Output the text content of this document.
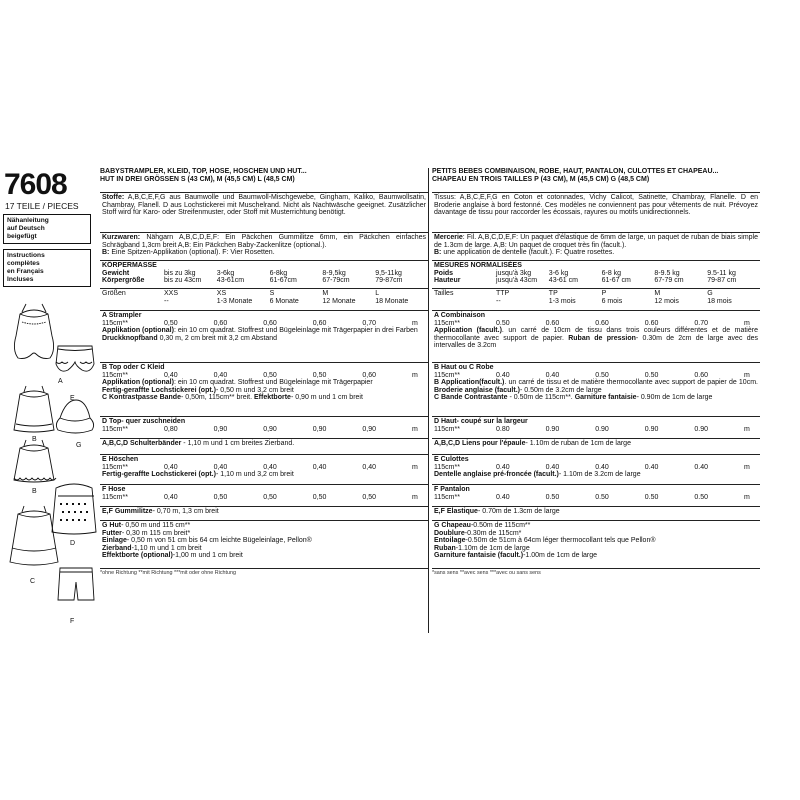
7608
17 TEILE / PIECES
Nähanleitung
auf Deutsch
beigefügt
Instructions
complètes
en Français
Incluses
A
E
B
G
B
D
C
F
BABYSTRAMPLER, KLEID, TOP, HOSE, HÖSCHEN UND HUT...
HUT IN DREI GRÖSSEN S (43 CM), M (45,5 CM) L (48,5 CM)
Stoffe: A,B,C,E,F,G aus Baumwolle und Baumwoll-Mischgewebe, Gingham, Kaliko, Baumwollsatin, Chambray, Flanell. D aus Lochstickerei mit Muschelrand. Nicht als Nachtwäsche geeignet. Zusätzlicher Stoff wird für Karo- oder Streifenmuster, oder Stoff mit Musterrichtung benötigt.
Kurzwaren: Nähgarn A,B,C,D,E,F: Ein Päckchen Gummilitze 6mm, ein Päckchen einfaches Schrägband 1,3cm breit A,B: Ein Päckchen Baby-Zackenlitze (optional.).
B: Eine Spitzen-Applikation (optional). F: Vier Rosetten.
KÖRPERMASSE
Gewicht	bis zu 3kg	3-6kg	6-8kg	8-9,5kg	9,5-11kg
Körpergröße	bis zu 43cm	43-61cm	61-67cm	67-79cm	79-87cm
Größen	XXS	XS	S	M	L
--	1-3 Monate	6 Monate	12 Monate	18 Monate
A Strampler
115cm**	0,50	0,60	0,60	0,60	0,70	m
Applikation (optional): ein 10 cm quadrat. Stoffrest und Bügeleinlage mit Trägerpapier in drei Farben
Druckknopfband 0,30 m, 2 cm breit mit 3,2 cm Abstand
B Top oder C Kleid
115cm**	0,40	0,40	0,50	0,50	0,60	m
Applikation (optional): ein 10 cm quadrat. Stoffrest und Bügeleinlage mit Trägerpapier
Fertig-geraffte Lochstickerei (opt.)- 0,50 m und 3,2 cm breit
C Kontrastpasse Bande- 0,50m, 115cm** breit. Effektborte- 0,90 m und 1 cm breit
D Top- quer zuschneiden
115cm**	0,80	0,90	0,90	0,90	0,90	m
A,B,C,D Schulterbänder - 1,10 m und 1 cm breites Zierband.
E Höschen
115cm**	0,40	0,40	0,40	0,40	0,40	m
Fertig-geraffte Lochstickerei (opt.)- 1,10 m und 3,2 cm breit
F Hose
115cm**	0,40	0,50	0,50	0,50	0,50	m
E,F Gummilitze- 0,70 m, 1,3 cm breit
G Hut- 0,50 m und 115 cm**
Futter- 0,30 m 115 cm breit*
Einlage- 0,50 m von 51 cm bis 64 cm leichte Bügeleinlage, Pellon®
Zierband-1,10 m und 1 cm breit
Effektborte (optional)-1,00 m und 1 cm breit
*ohne Richtung **mit Richtung ***mit oder ohne Richtung
PETITS BEBES COMBINAISON, ROBE, HAUT, PANTALON, CULOTTES ET CHAPEAU...
CHAPEAU EN TROIS TAILLES P (43 CM), M (45,5 CM) G (48,5 CM)
Tissus: A,B,C,E,F,G en Coton et cotonnades, Vichy Calicot, Satinette, Chambray, Flanelle. D en Broderie anglaise à bord festonné. Ces modèles ne conviennent pas pour vêtements de nuit. Prévoyez davantage de tissu pour raccorder les écossais, rayures ou motifs unidirectionnels.
Mercerie: Fil. A,B,C,D,E,F: Un paquet d'élastique de 6mm de large, un paquet de ruban de biais simple de 1.3cm de large. A,B: Un paquet de croquet très fin (facult.).
B: une application de dentelle (facult.). F: Quatre rosettes.
MESURES NORMALISÉES
Poids	jusqu'à 3kg	3-6 kg	6-8 kg	8-9.5 kg	9.5-11 kg
Hauteur	jusqu'à 43cm	43-61 cm	61-67 cm	67-79 cm	79-87 cm
Tailles	TTP	TP	P	M	G
--	1-3 mois	6 mois	12 mois	18 mois
A Combinaison
115cm**	0.50	0.60	0.60	0.60	0.70	m
Application (facult.). un carré de 10cm de tissu dans trois couleurs différentes et de matière thermocollante avec support de papier. Ruban de pression- 0.30m de 2cm de large avec des intervalles de 3.2cm
B Haut ou C Robe
115cm**	0.40	0.40	0.50	0.50	0.60	m
B Application(facult.). un carré de tissu et de matière thermocollante avec support de papier de 10cm. Broderie anglaise (facult.)- 0.50m de 3.2cm de large
C Bande Contrastante - 0.50m de 115cm**. Garniture fantaisie- 0.90m de 1cm de large
D Haut- coupé sur la largeur
115cm**	0.80	0.90	0.90	0.90	0.90	m
A,B,C,D Liens pour l'épaule- 1.10m de ruban de 1cm de large
E Culottes
115cm**	0.40	0.40	0.40	0.40	0.40	m
Dentelle anglaise pré-froncée (facult.)- 1.10m de 3.2cm de large
F Pantalon
115cm**	0.40	0.50	0.50	0.50	0.50	m
E,F Elastique- 0.70m de 1.3cm de large
G Chapeau-0.50m de 115cm**
Doublure-0.30m de 115cm*
Entoilage-0.50m de 51cm à 64cm léger thermocollant tels que Pellon®
Ruban-1.10m de 1cm de large
Garniture fantaisie (facult.)-1.00m de 1cm de large
*sans sens **avec sens ***avec ou sans sens
